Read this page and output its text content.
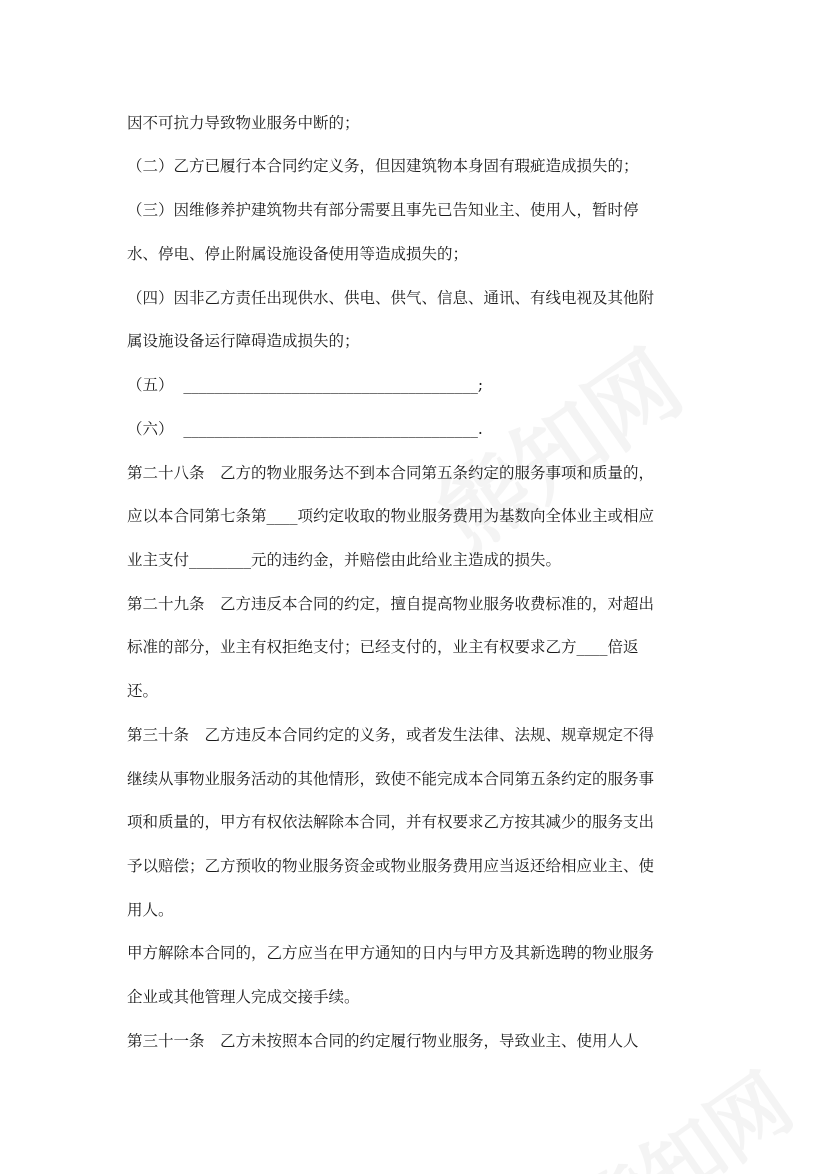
因不可抗力导致物业服务中断的；
（二）乙方已履行本合同约定义务，但因建筑物本身固有瑕疵造成损失的；
（三）因维修养护建筑物共有部分需要且事先已告知业主、使用人，暂时停
水、停电、停止附属设施设备使用等造成损失的；
（四）因非乙方责任出现供水、供电、供气、信息、通讯、有线电视及其他附
属设施设备运行障碍造成损失的；
（五）  ______________________________________;
（六）  ______________________________________.
第二十八条　乙方的物业服务达不到本合同第五条约定的服务事项和质量的，
应以本合同第七条第____项约定收取的物业服务费用为基数向全体业主或相应
业主支付________元的违约金，并赔偿由此给业主造成的损失。
第二十九条　乙方违反本合同的约定，擅自提高物业服务收费标准的，对超出
标准的部分，业主有权拒绝支付；已经支付的，业主有权要求乙方____倍返
还。
第三十条　乙方违反本合同约定的义务，或者发生法律、法规、规章规定不得
继续从事物业服务活动的其他情形，致使不能完成本合同第五条约定的服务事
项和质量的，甲方有权依法解除本合同，并有权要求乙方按其减少的服务支出
予以赔偿；乙方预收的物业服务资金或物业服务费用应当返还给相应业主、使
用人。
甲方解除本合同的，乙方应当在甲方通知的日内与甲方及其新选聘的物业服务
企业或其他管理人完成交接手续。
第三十一条　乙方未按照本合同的约定履行物业服务，导致业主、使用人人
